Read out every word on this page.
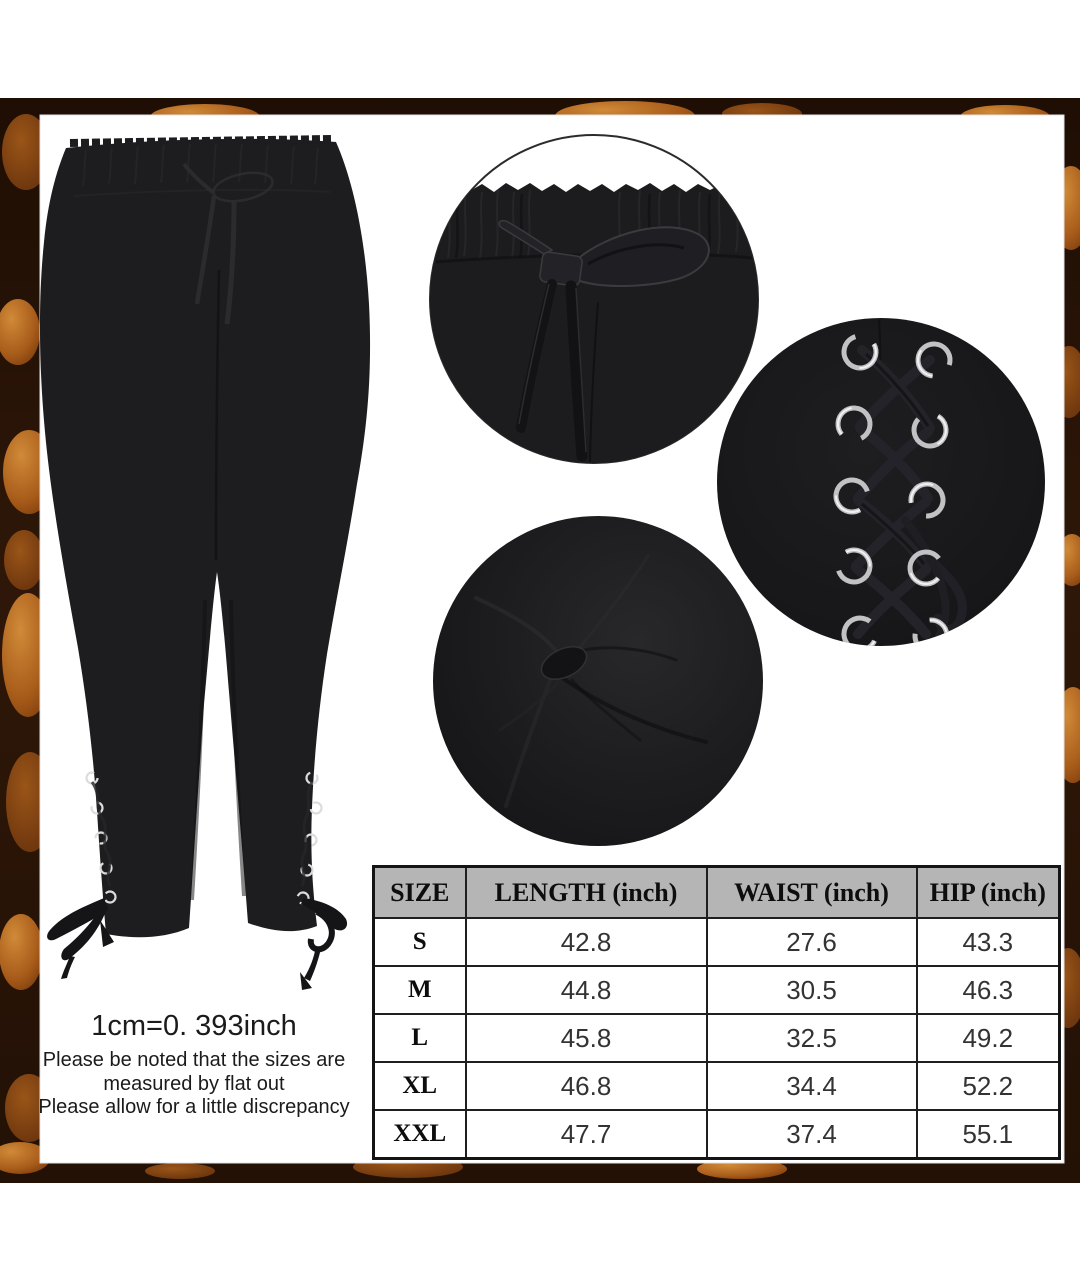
SIZE	LENGTH (inch)	WAIST (inch)	HIP (inch)
S	42.8	27.6	43.3
M	44.8	30.5	46.3
L	45.8	32.5	49.2
XL	46.8	34.4	52.2
XXL	47.7	37.4	55.1
1cm=0. 393inch
Please be noted that the sizes are
measured by flat out
Please allow for a little discrepancy
